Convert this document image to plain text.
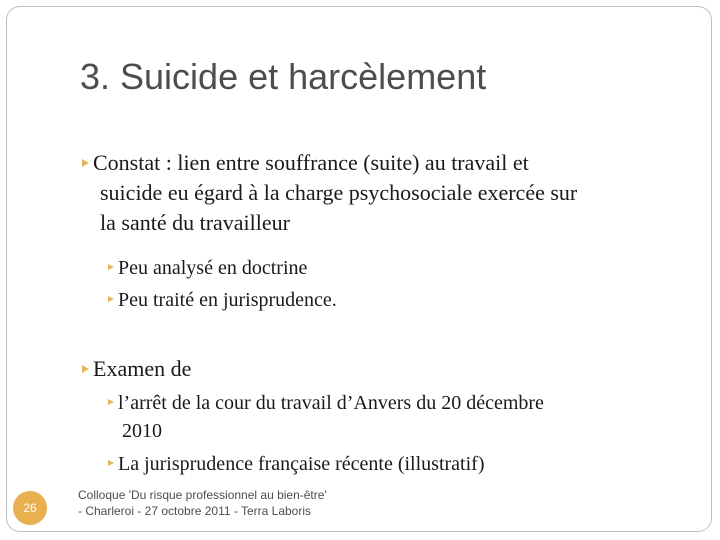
3. Suicide et harcèlement
Constat : lien entre souffrance (suite) au travail et
suicide eu égard à la charge psychosociale exercée sur
la santé du travailleur
Peu analysé en doctrine
Peu traité en jurisprudence.
Examen de
l’arrêt de la cour du travail d’Anvers du 20 décembre
2010
La jurisprudence française récente (illustratif)
26
Colloque 'Du risque professionnel au bien-être'
- Charleroi - 27 octobre 2011 - Terra Laboris
